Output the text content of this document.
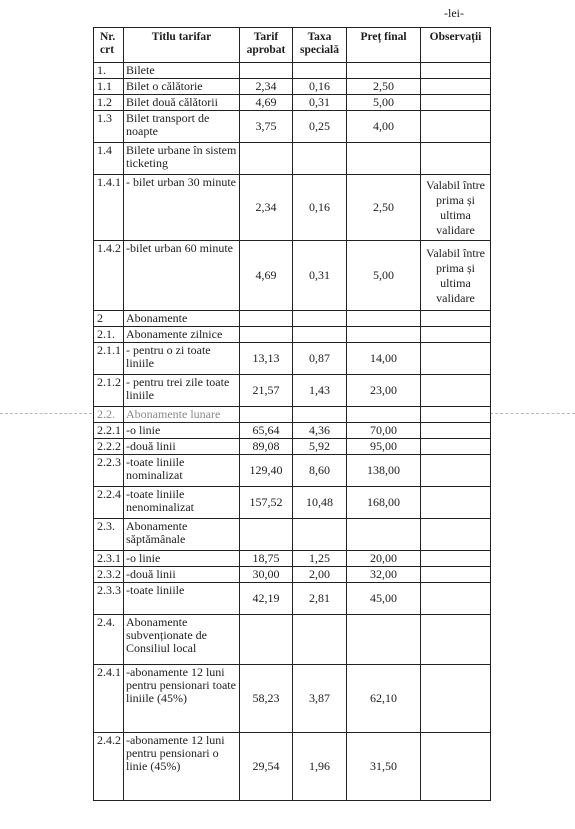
-lei-
Nr. crt	Titlu tarifar	Tarif aprobat	Taxa specială	Preț final	Observații
1.	Bilete				
1.1	Bilet o călătorie	2,34	0,16	2,50	
1.2	Bilet două călătorii	4,69	0,31	5,00	
1.3	Bilet transport de noapte	3,75	0,25	4,00	
1.4	Bilete urbane în sistem ticketing				
1.4.1	- bilet urban 30 minute	2,34	0,16	2,50	Valabil între prima și ultima validare
1.4.2	-bilet urban 60 minute	4,69	0,31	5,00	Valabil între prima și ultima validare
2	Abonamente				
2.1.	Abonamente zilnice				
2.1.1	- pentru o zi toate liniile	13,13	0,87	14,00	
2.1.2	- pentru trei zile toate liniile	21,57	1,43	23,00	
2.2.	Abonamente lunare				
2.2.1	-o linie	65,64	4,36	70,00	
2.2.2	-două linii	89,08	5,92	95,00	
2.2.3	-toate liniile nominalizat	129,40	8,60	138,00	
2.2.4	-toate liniile nenominalizat	157,52	10,48	168,00	
2.3.	Abonamente săptămânale				
2.3.1	-o linie	18,75	1,25	20,00	
2.3.2	-două linii	30,00	2,00	32,00	
2.3.3	-toate liniile	42,19	2,81	45,00	
2.4.	Abonamente subvenționate de Consiliul local				
2.4.1	-abonamente 12 luni pentru pensionari toate liniile (45%)	58,23	3,87	62,10	
2.4.2	-abonamente 12 luni pentru pensionari o linie (45%)	29,54	1,96	31,50	
